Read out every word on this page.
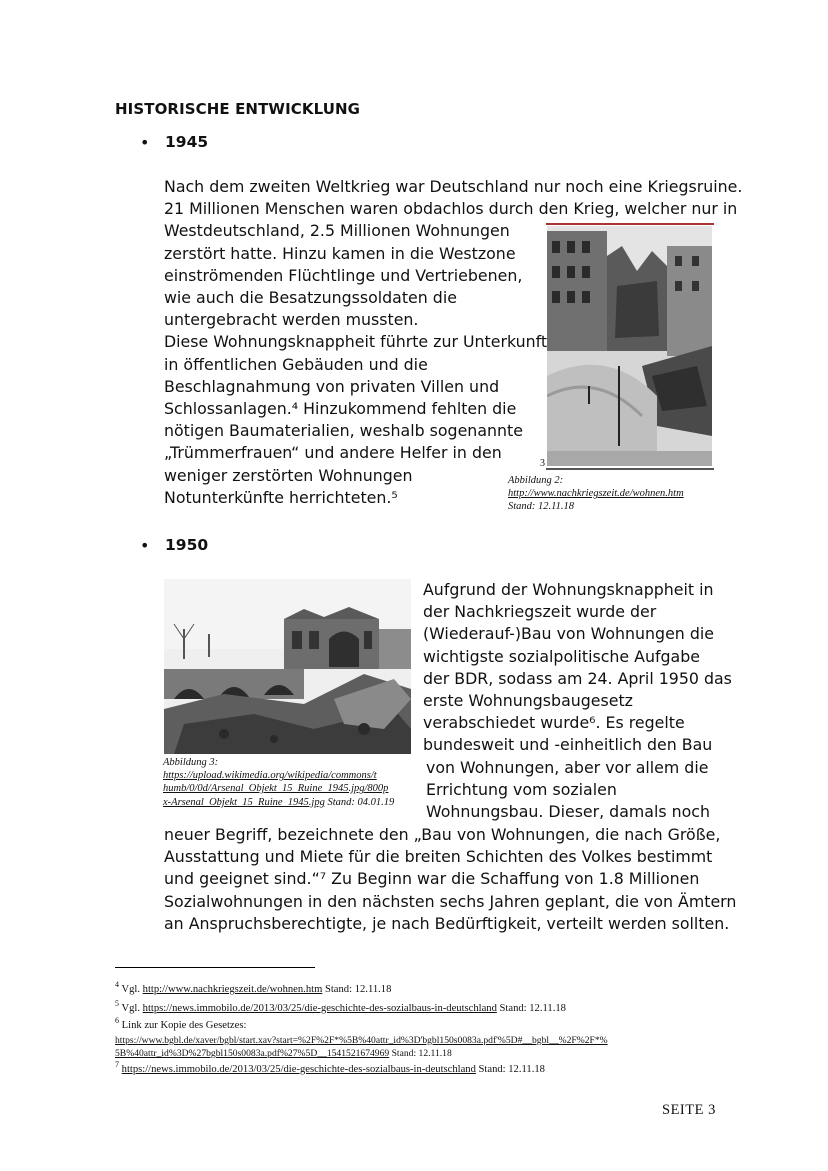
HISTORISCHE ENTWICKLUNG
• 1945
Nach dem zweiten Weltkrieg war Deutschland nur noch eine Kriegsruine.
21 Millionen Menschen waren obdachlos durch den Krieg, welcher nur in
Westdeutschland, 2.5 Millionen Wohnungen
zerstört hatte. Hinzu kamen in die Westzone
einströmenden Flüchtlinge und Vertriebenen,
wie auch die Besatzungssoldaten die
untergebracht werden mussten.
Diese Wohnungsknappheit führte zur Unterkunft
in öffentlichen Gebäuden und die
Beschlagnahmung von privaten Villen und
Schlossanlagen.⁴ Hinzukommend fehlten die
nötigen Baumaterialien, weshalb sogenannte
„Trümmerfrauen“ und andere Helfer in den
weniger zerstörten Wohnungen
Notunterkünfte herrichteten.⁵
3
Abbildung 2:
http://www.nachkriegszeit.de/wohnen.htm
Stand: 12.11.18
• 1950
Abbildung 3:
https://upload.wikimedia.org/wikipedia/commons/t
humb/0/0d/Arsenal_Objekt_15_Ruine_1945.jpg/800p
x-Arsenal_Objekt_15_Ruine_1945.jpg Stand: 04.01.19
Aufgrund der Wohnungsknappheit in
der Nachkriegszeit wurde der
(Wiederauf-)Bau von Wohnungen die
wichtigste sozialpolitische Aufgabe
der BDR, sodass am 24. April 1950 das
erste Wohnungsbaugesetz
verabschiedet wurde⁶. Es regelte
bundesweit und -einheitlich den Bau
von Wohnungen, aber vor allem die
Errichtung vom sozialen
Wohnungsbau. Dieser, damals noch
neuer Begriff, bezeichnete den „Bau von Wohnungen, die nach Größe,
Ausstattung und Miete für die breiten Schichten des Volkes bestimmt
und geeignet sind.“⁷ Zu Beginn war die Schaffung von 1.8 Millionen
Sozialwohnungen in den nächsten sechs Jahren geplant, die von Ämtern
an Anspruchsberechtigte, je nach Bedürftigkeit, verteilt werden sollten.
$^4$ Vgl. http://www.nachkriegszeit.de/wohnen.htm Stand: 12.11.18
$^5$ Vgl. https://news.immobilo.de/2013/03/25/die-geschichte-des-sozialbaus-in-deutschland Stand: 12.11.18
$^6$ Link zur Kopie des Gesetzes:
https://www.bgbl.de/xaver/bgbl/start.xav?start=%2F%2F*%5B%40attr_id%3D'bgbl150s0083a.pdf'%5D#__bgbl__%2F%2F*%
5B%40attr_id%3D%27bgbl150s0083a.pdf%27%5D__1541521674969 Stand: 12.11.18
$^7$ https://news.immobilo.de/2013/03/25/die-geschichte-des-sozialbaus-in-deutschland Stand: 12.11.18
SEITE 3
